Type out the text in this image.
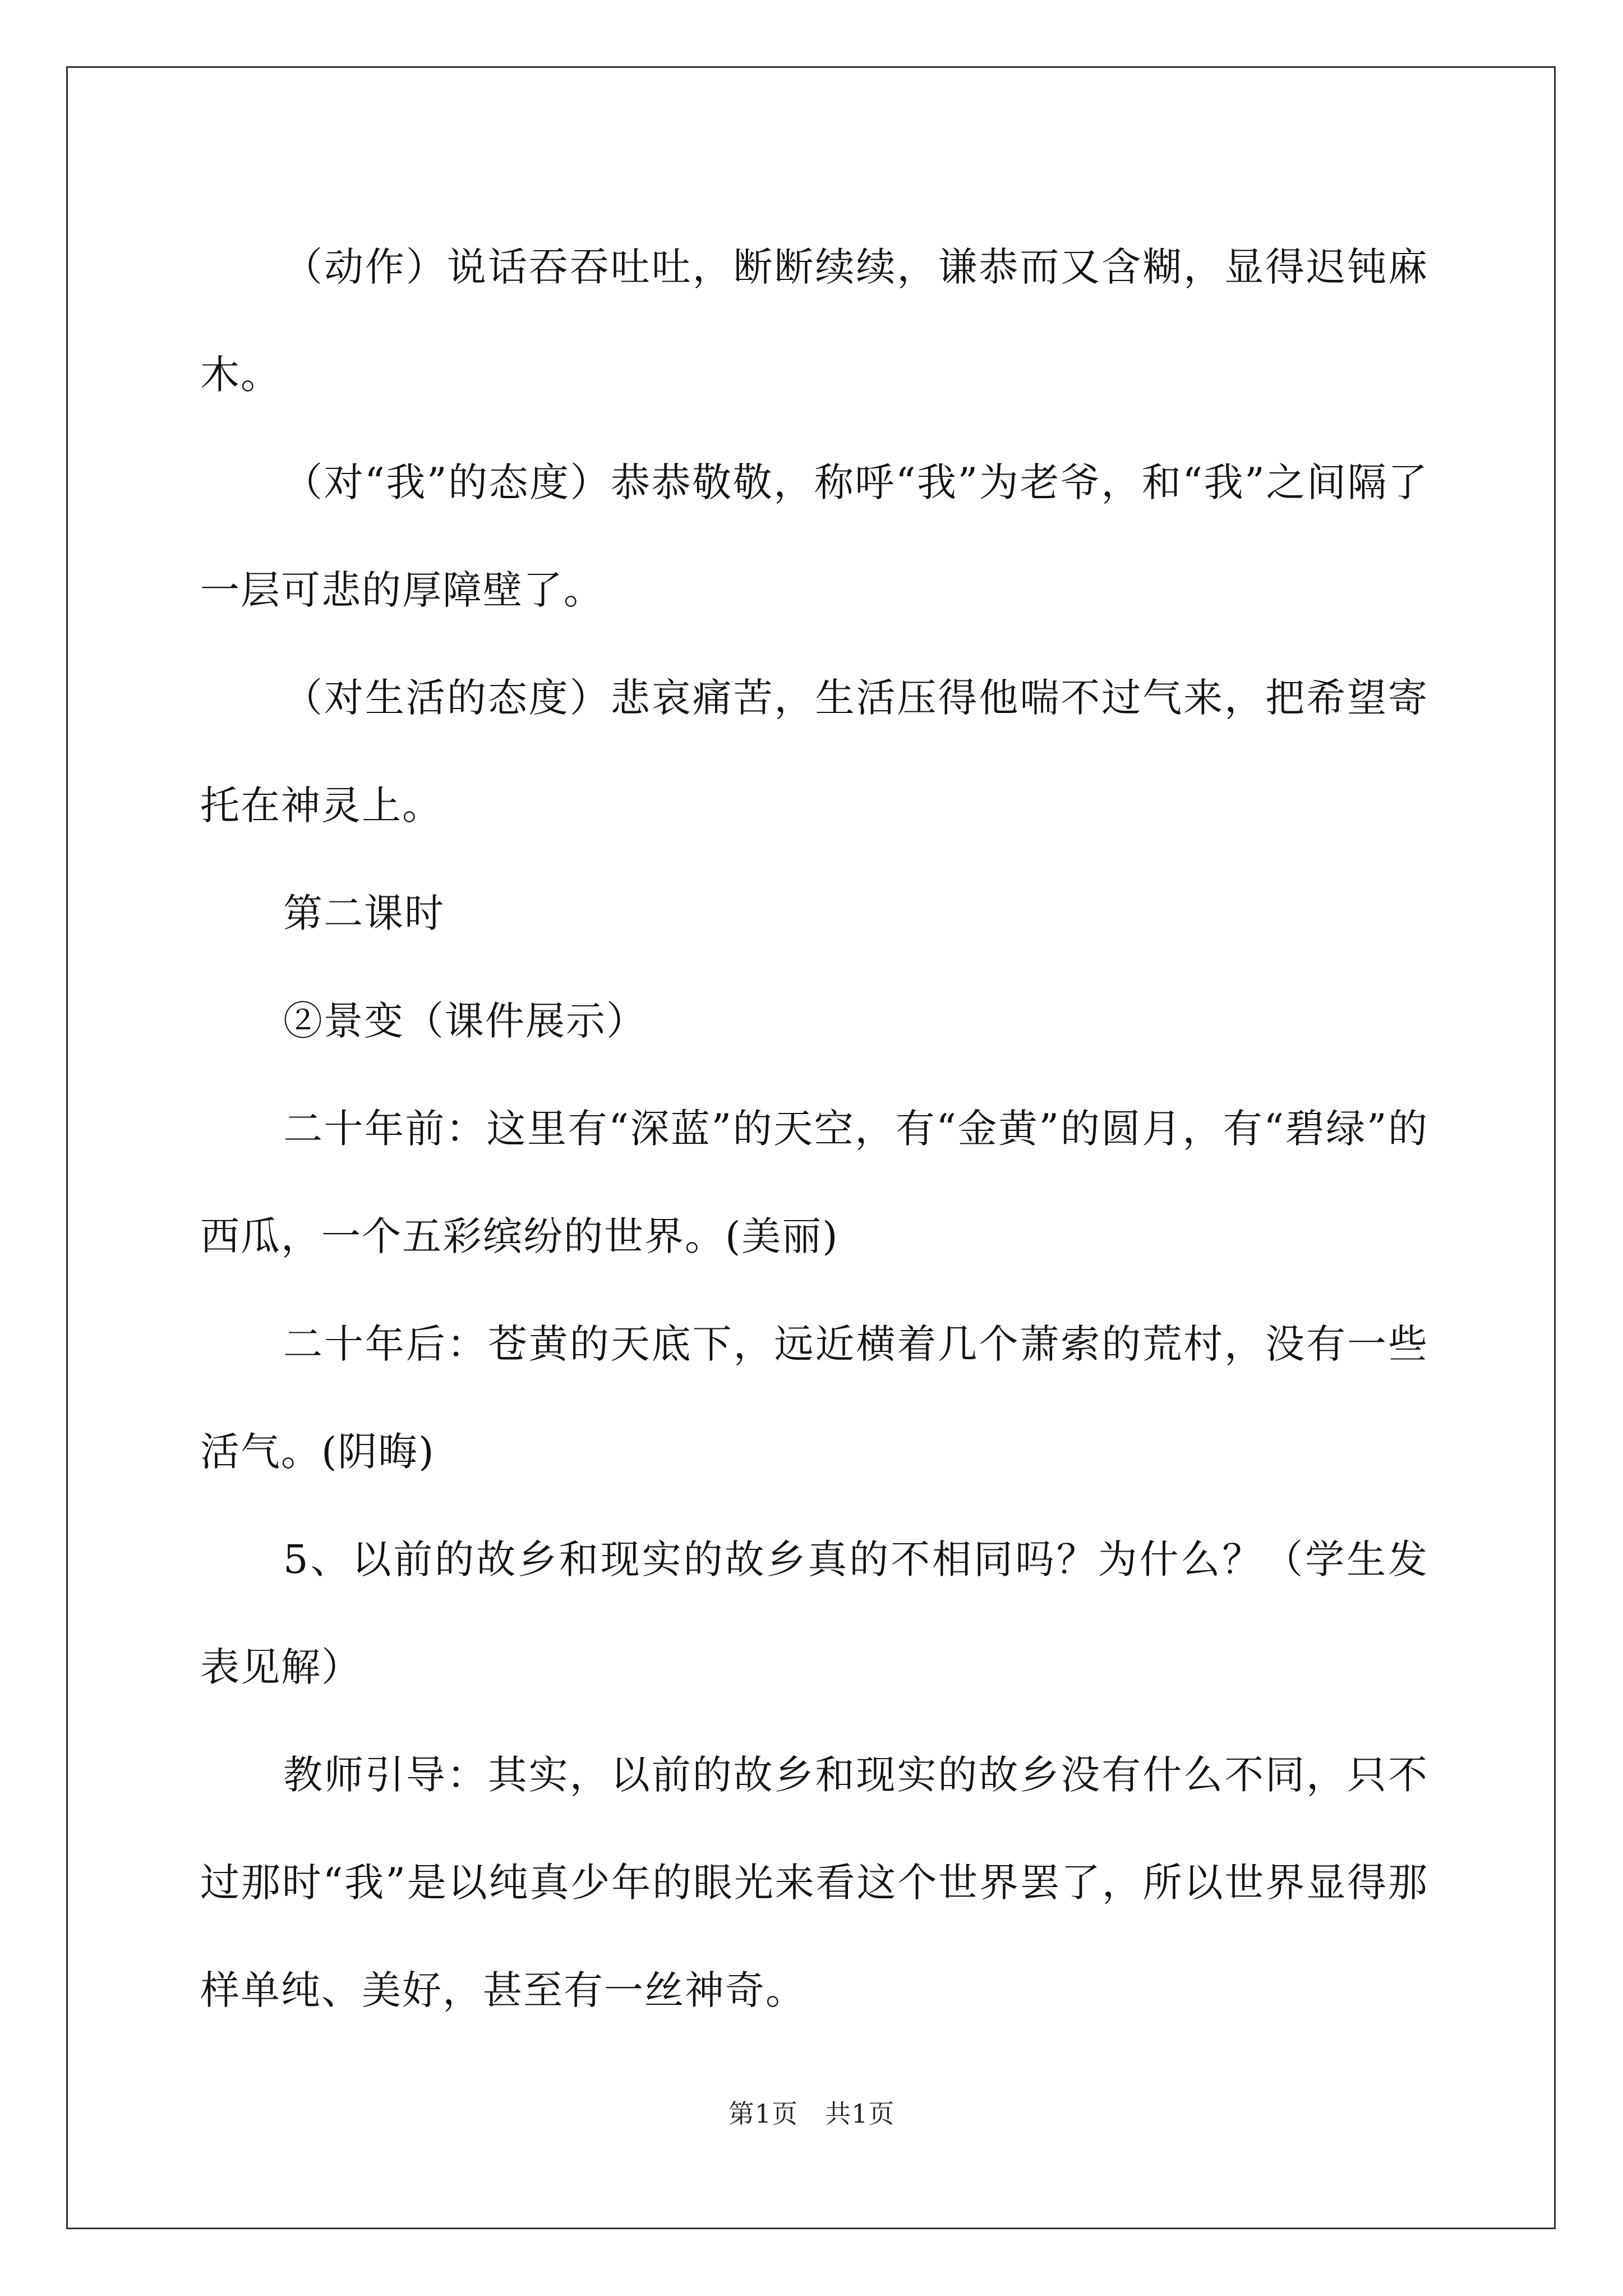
（动作）说话吞吞吐吐，断断续续，谦恭而又含糊，显得迟钝麻木。

（对“我”的态度）恭恭敬敬，称呼“我”为老爷，和“我”之间隔了一层可悲的厚障壁了。

（对生活的态度）悲哀痛苦，生活压得他喘不过气来，把希望寄托在神灵上。

第二课时

②景变（课件展示）

二十年前：这里有“深蓝”的天空，有“金黄”的圆月，有“碧绿”的西瓜，一个五彩缤纷的世界。(美丽)

二十年后：苍黄的天底下，远近横着几个萧索的荒村，没有一些活气。(阴晦)

5、以前的故乡和现实的故乡真的不相同吗？为什么？（学生发表见解）

教师引导：其实，以前的故乡和现实的故乡没有什么不同，只不过那时“我”是以纯真少年的眼光来看这个世界罢了，所以世界显得那样单纯、美好，甚至有一丝神奇。

第1页 共1页
